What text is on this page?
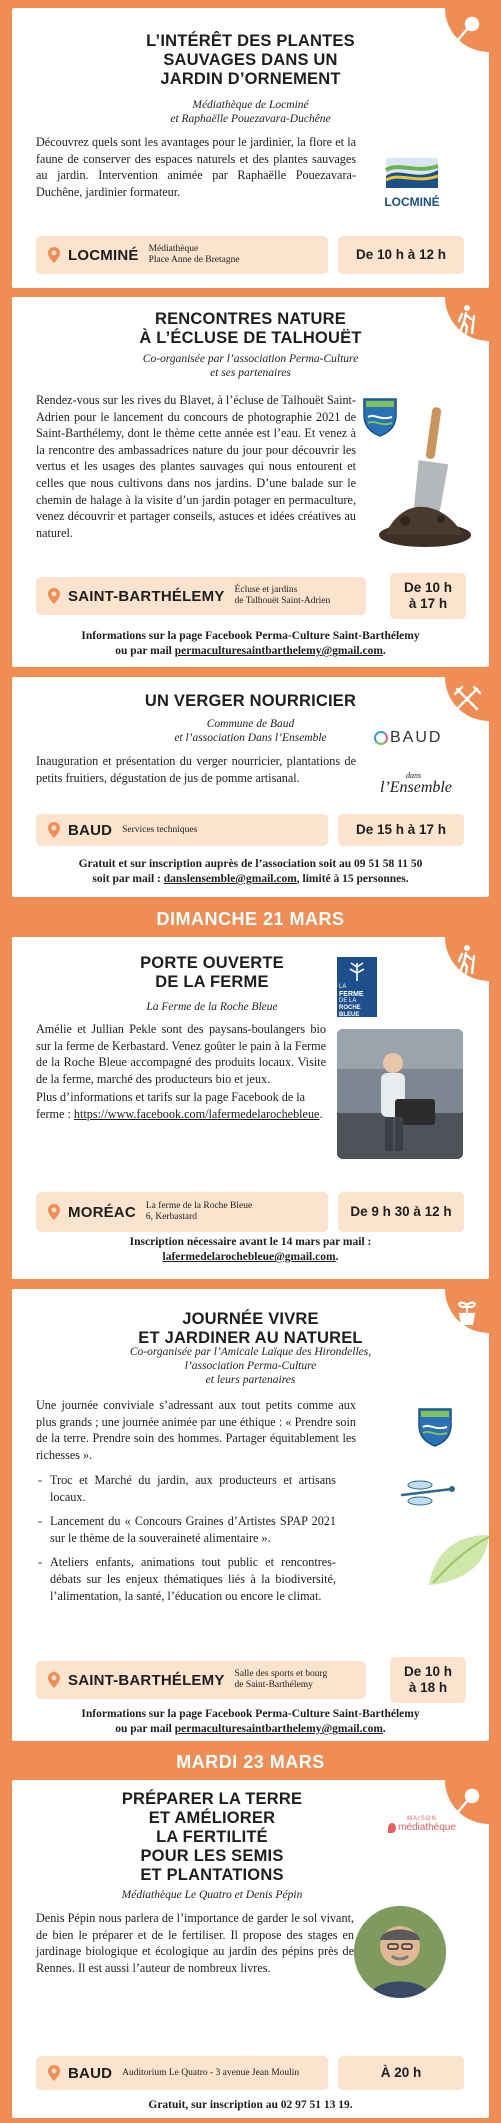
L’INTÉRÊT DES PLANTES
SAUVAGES DANS UN
JARDIN D’ORNEMENT
Médiathèque de Locminé
et Raphaëlle Pouezavara-Duchêne
Découvrez quels sont les avantages pour le jardinier, la flore et la faune de conserver des espaces naturels et des plantes sauvages au jardin. Intervention animée par Raphaëlle Pouezavara-Duchêne, jardinier formateur.
LOCMINÉ
LOCMINÉ Médiathèque
Place Anne de Bretagne	De 10 h à 12 h
RENCONTRES NATURE
À L’ÉCLUSE DE TALHOUËT
Co-organisée par l’association Perma-Culture
et ses partenaires
Rendez-vous sur les rives du Blavet, à l’écluse de Talhouët Saint-Adrien pour le lancement du concours de photographie 2021 de Saint-Barthélemy, dont le thème cette année est l’eau. Et venez à la rencontre des ambassadrices nature du jour pour découvrir les vertus et les usages des plantes sauvages qui nous entourent et celles que nous cultivons dans nos jardins. D’une balade sur le chemin de halage à la visite d’un jardin potager en permaculture, venez découvrir et partager conseils, astuces et idées créatives au naturel.
SAINT-BARTHÉLEMY Écluse et jardins
de Talhouët Saint-Adrien
De 10 h
à 17 h
Informations sur la page Facebook Perma-Culture Saint-Barthélemy
ou par mail permaculturesaintbarthelemy@gmail.com.
UN VERGER NOURRICIER
Commune de Baud
et l’association Dans l’Ensemble
Inauguration et présentation du verger nourricier, plantations de petits fruitiers, dégustation de jus de pomme artisanal.
BAUD
dans
l’Ensemble
BAUD Services techniques	De 15 h à 17 h
Gratuit et sur inscription auprès de l’association soit au 09 51 58 11 50
soit par mail : danslensemble@gmail.com, limité à 15 personnes.
DIMANCHE 21 MARS
PORTE OUVERTE
DE LA FERME
La Ferme de la Roche Bleue

Amélie et Jullian Pekle sont des paysans-boulangers bio sur la ferme de Kerbastard. Venez goûter le pain à la Ferme de la Roche Bleue accompagné des produits locaux. Visite de la ferme, marché des producteurs bio et jeux.

Plus d’informations et tarifs sur la page Facebook de la ferme : https://www.facebook.com/lafermedelarochebleue.

LA
FERME
DE LA
ROCHE BLEUE
MORÉAC La ferme de la Roche Bleue
6, Kerbastard	De 9 h 30 à 12 h
Inscription nécessaire avant le 14 mars par mail :
lafermedelarochebleue@gmail.com.
JOURNÉE VIVRE
ET JARDINER AU NATUREL
Co-organisée par l’Amicale Laïque des Hirondelles,
l’association Perma-Culture
et leurs partenaires
Une journée conviviale s’adressant aux tout petits comme aux plus grands ; une journée animée par une éthique : « Prendre soin de la terre. Prendre soin des hommes. Partager équitablement les richesses ».
- Troc et Marché du jardin, aux producteurs et artisans locaux.
- Lancement du « Concours Graines d’Artistes SPAP 2021 sur le thème de la souveraineté alimentaire ».
- Ateliers enfants, animations tout public et rencontres-débats sur les enjeux thématiques liés à la biodiversité, l’alimentation, la santé, l’éducation ou encore le climat.
SAINT-BARTHÉLEMY Salle des sports et bourg
de Saint-Barthélemy
De 10 h
à 18 h
Informations sur la page Facebook Perma-Culture Saint-Barthélemy
ou par mail permaculturesaintbarthelemy@gmail.com.
MARDI 23 MARS
PRÉPARER LA TERRE
ET AMÉLIORER
LA FERTILITÉ
POUR LES SEMIS
ET PLANTATIONS
Médiathèque Le Quatro et Denis Pépin
Denis Pépin nous parlera de l’importance de garder le sol vivant, de bien le préparer et de le fertiliser. Il propose des stages en jardinage biologique et écologique au jardin des pépins près de Rennes. Il est aussi l’auteur de nombreux livres.
MAISON
médiathèque
BAUD Auditorium Le Quatro - 3 avenue Jean Moulin	À 20 h
Gratuit, sur inscription au 02 97 51 13 19.
